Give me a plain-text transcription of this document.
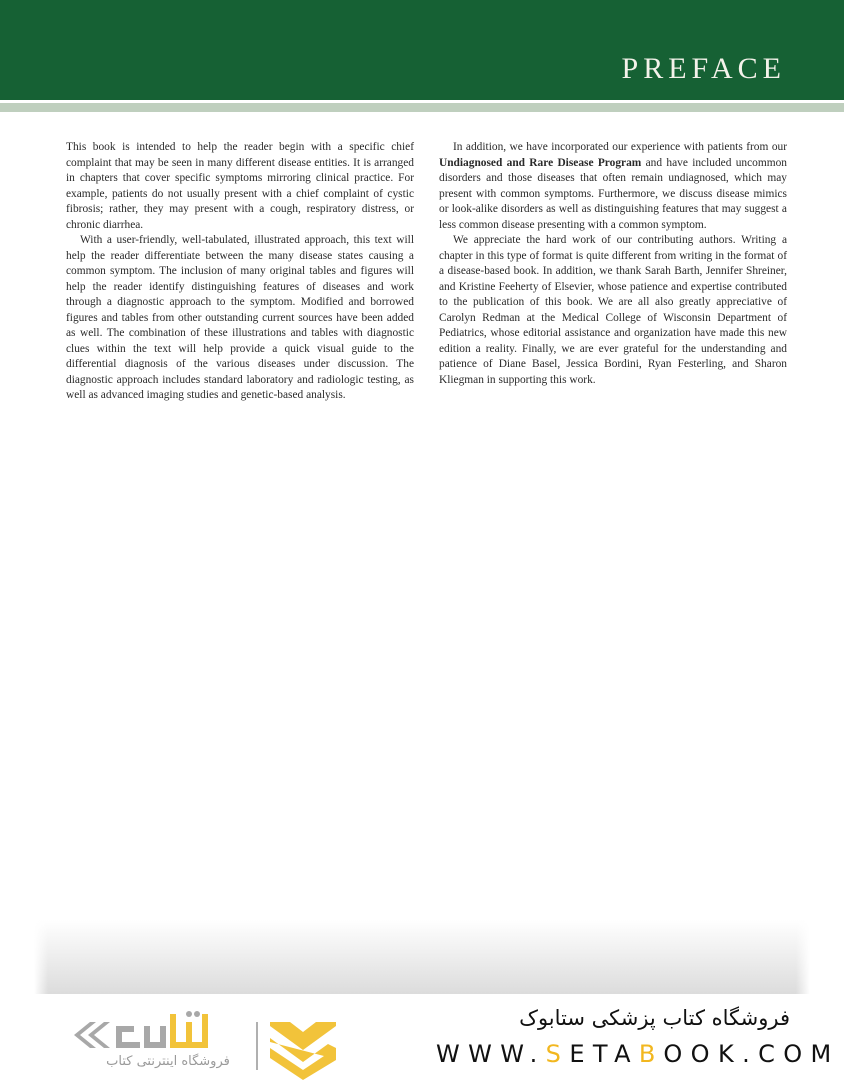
PREFACE

This book is intended to help the reader begin with a specific chief complaint that may be seen in many different disease entities. It is arranged in chapters that cover specific symptoms mirroring clinical practice. For example, patients do not usually present with a chief complaint of cystic fibrosis; rather, they may present with a cough, respiratory distress, or chronic diarrhea.

With a user-friendly, well-tabulated, illustrated approach, this text will help the reader differentiate between the many disease states causing a common symptom. The inclusion of many original tables and figures will help the reader identify distinguishing features of diseases and work through a diagnostic approach to the symptom. Modified and borrowed figures and tables from other outstanding current sources have been added as well. The combination of these illustrations and tables with diagnostic clues within the text will help provide a quick visual guide to the differential diagnosis of the various diseases under discussion. The diagnostic approach includes standard laboratory and radiologic testing, as well as advanced imaging studies and genetic-based analysis.

In addition, we have incorporated our experience with patients from our Undiagnosed and Rare Disease Program and have included uncommon disorders and those diseases that often remain undiagnosed, which may present with common symptoms. Furthermore, we discuss disease mimics or look-alike disorders as well as distinguishing features that may suggest a less common disease presenting with a common symptom.

We appreciate the hard work of our contributing authors. Writing a chapter in this type of format is quite different from writing in the format of a disease-based book. In addition, we thank Sarah Barth, Jennifer Shreiner, and Kristine Feeherty of Elsevier, whose patience and expertise contributed to the publication of this book. We are all also greatly appreciative of Carolyn Redman at the Medical College of Wisconsin Department of Pediatrics, whose editorial assistance and organization have made this new edition a reality. Finally, we are ever grateful for the understanding and patience of Diane Basel, Jessica Bordini, Ryan Festerling, and Sharon Kliegman in supporting this work.

فروشگاه اینترنتی کتاب
فروشگاه کتاب پزشکی ستابوک
WWW.SETABOOK.COM
